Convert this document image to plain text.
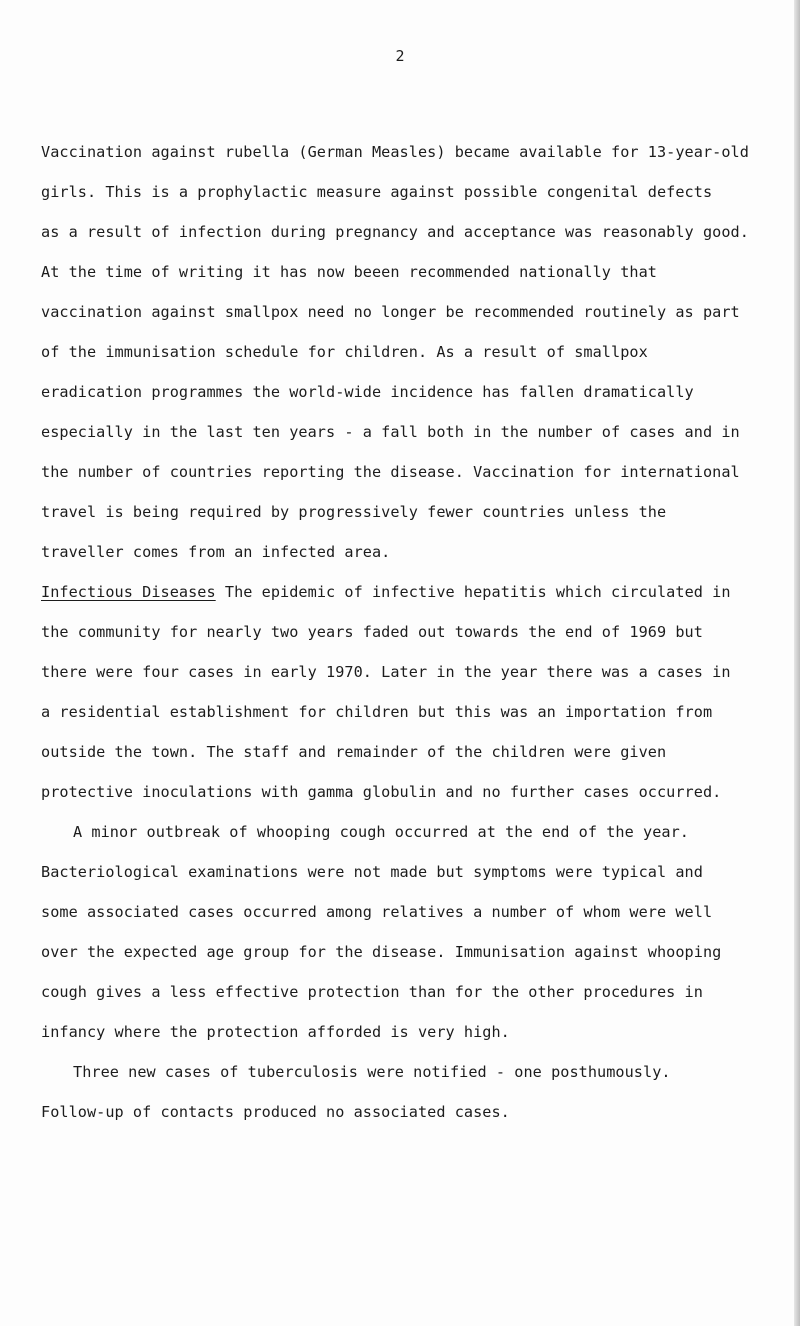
2
Vaccination against rubella (German Measles) became available for 13-year-old
girls. This is a prophylactic measure against possible congenital defects
as a result of infection during pregnancy and acceptance was reasonably good.
At the time of writing it has now beeen recommended nationally that
vaccination against smallpox need no longer be recommended routinely as part
of the immunisation schedule for children. As a result of smallpox
eradication programmes the world-wide incidence has fallen dramatically
especially in the last ten years - a fall both in the number of cases and in
the number of countries reporting the disease. Vaccination for international
travel is being required by progressively fewer countries unless the
traveller comes from an infected area.
Infectious Diseases The epidemic of infective hepatitis which circulated in
the community for nearly two years faded out towards the end of 1969 but
there were four cases in early 1970. Later in the year there was a cases in
a residential establishment for children but this was an importation from
outside the town. The staff and remainder of the children were given
protective inoculations with gamma globulin and no further cases occurred.
A minor outbreak of whooping cough occurred at the end of the year.
Bacteriological examinations were not made but symptoms were typical and
some associated cases occurred among relatives a number of whom were well
over the expected age group for the disease. Immunisation against whooping
cough gives a less effective protection than for the other procedures in
infancy where the protection afforded is very high.
Three new cases of tuberculosis were notified - one posthumously.
Follow-up of contacts produced no associated cases.
